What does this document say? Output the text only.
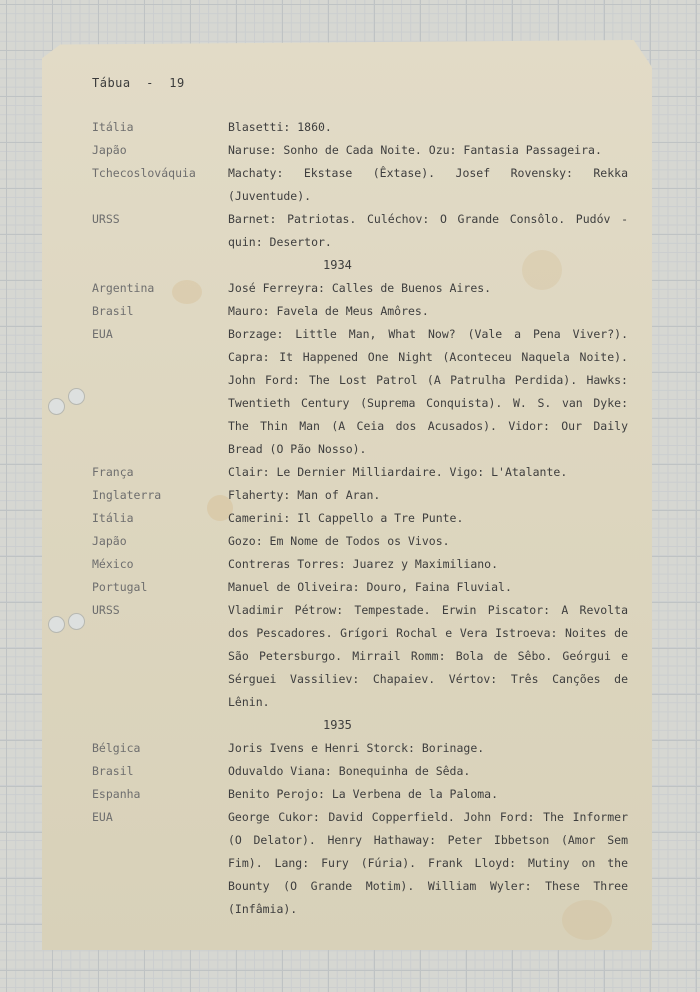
Tábua  -  19
Itália	Blasetti: 1860.
Japão	Naruse: Sonho de Cada Noite. Ozu: Fantasia Passageira.
Tchecoslováquia	Machaty: Ekstase (Êxtase). Josef Rovensky: Rekka (Juventude).
URSS	Barnet: Patriotas. Culéchov: O Grande Consôlo. Pudóv - quin: Desertor.
1934
Argentina	José Ferreyra: Calles de Buenos Aires.
Brasil	Mauro: Favela de Meus Amôres.
EUA	Borzage: Little Man, What Now? (Vale a Pena Viver?). Capra: It Happened One Night (Aconteceu Naquela Noite). John Ford: The Lost Patrol (A Patrulha Perdida). Hawks: Twentieth Century (Suprema Conquista). W. S. van Dyke: The Thin Man (A Ceia dos Acusados). Vidor: Our Daily Bread (O Pão Nosso).
França	Clair: Le Dernier Milliardaire. Vigo: L'Atalante.
Inglaterra	Flaherty: Man of Aran.
Itália	Camerini: Il Cappello a Tre Punte.
Japão	Gozo: Em Nome de Todos os Vivos.
México	Contreras Torres: Juarez y Maximiliano.
Portugal	Manuel de Oliveira: Douro, Faina Fluvial.
URSS	Vladimir Pétrow: Tempestade. Erwin Piscator: A Revolta dos Pescadores. Grígori Rochal e Vera Istroeva: Noites de São Petersburgo. Mirrail Romm: Bola de Sêbo. Geórgui e Sérguei Vassiliev: Chapaiev. Vértov: Três Canções de Lênin.
1935
Bélgica	Joris Ivens e Henri Storck: Borinage.
Brasil	Oduvaldo Viana: Bonequinha de Sêda.
Espanha	Benito Perojo: La Verbena de la Paloma.
EUA	George Cukor: David Copperfield. John Ford: The Informer (O Delator). Henry Hathaway: Peter Ibbetson (Amor Sem Fim). Lang: Fury (Fúria). Frank Lloyd: Mutiny on the Bounty (O Grande Motim). William Wyler: These Three (Infâmia).
